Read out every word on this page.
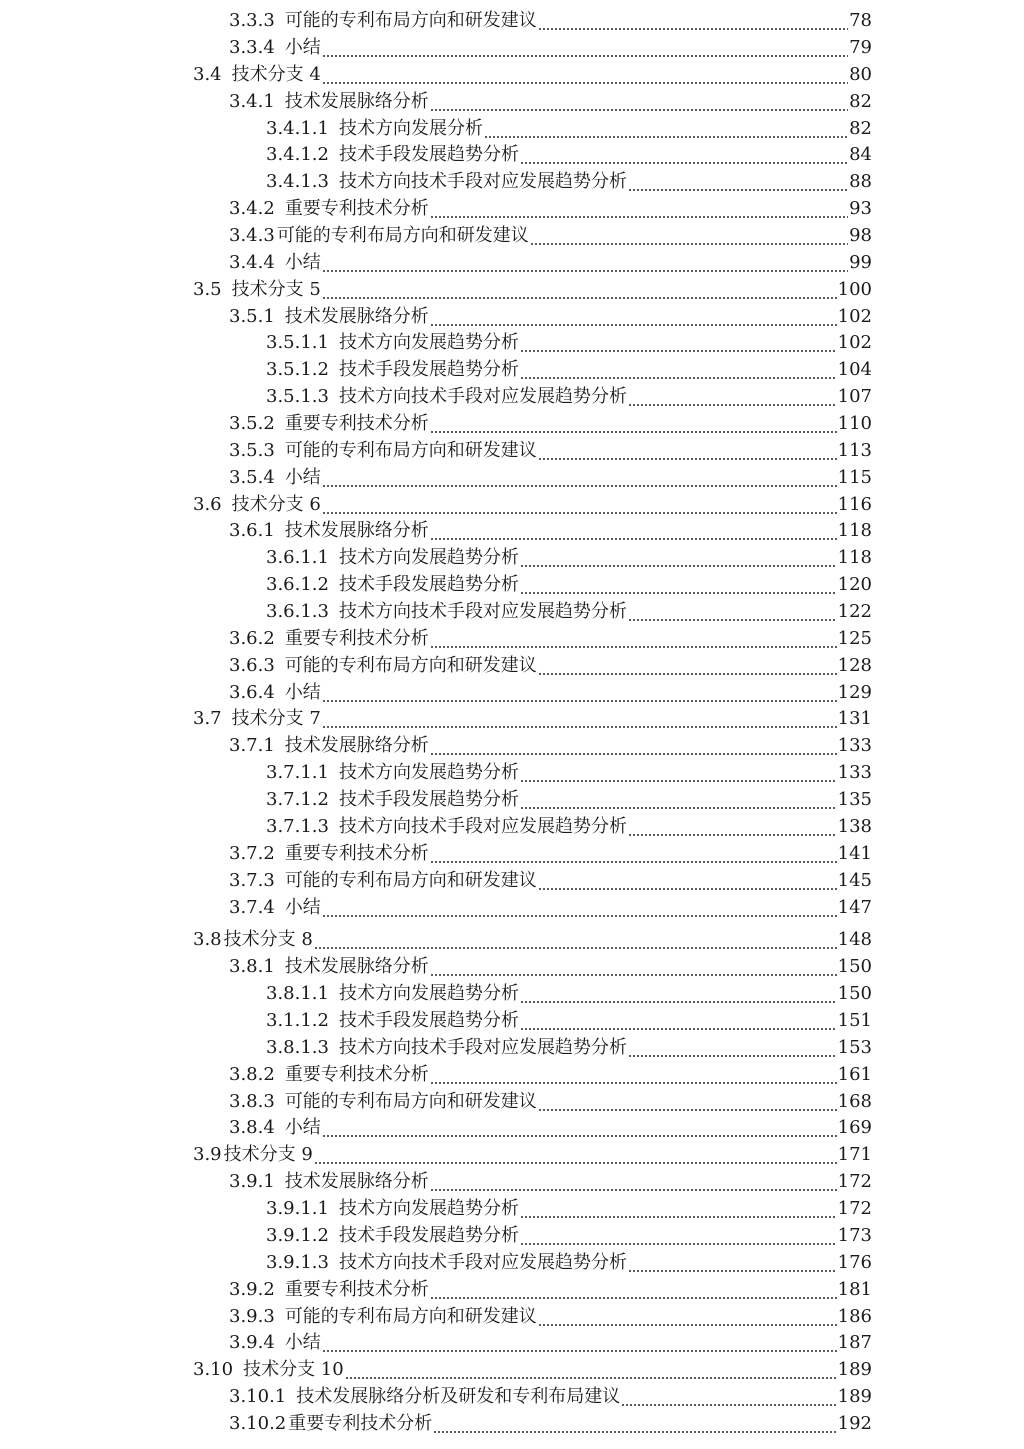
3.3.3 可能的专利布局方向和研发建议	78
3.3.4 小结	79
3.4 技术分支 4	80
3.4.1 技术发展脉络分析	82
3.4.1.1 技术方向发展分析	82
3.4.1.2 技术手段发展趋势分析	84
3.4.1.3 技术方向技术手段对应发展趋势分析	88
3.4.2 重要专利技术分析	93
3.4.3 可能的专利布局方向和研发建议	98
3.4.4 小结	99
3.5 技术分支 5	100
3.5.1 技术发展脉络分析	102
3.5.1.1 技术方向发展趋势分析	102
3.5.1.2 技术手段发展趋势分析	104
3.5.1.3 技术方向技术手段对应发展趋势分析	107
3.5.2 重要专利技术分析	110
3.5.3 可能的专利布局方向和研发建议	113
3.5.4 小结	115
3.6 技术分支 6	116
3.6.1 技术发展脉络分析	118
3.6.1.1 技术方向发展趋势分析	118
3.6.1.2 技术手段发展趋势分析	120
3.6.1.3 技术方向技术手段对应发展趋势分析	122
3.6.2 重要专利技术分析	125
3.6.3 可能的专利布局方向和研发建议	128
3.6.4 小结	129
3.7 技术分支 7	131
3.7.1 技术发展脉络分析	133
3.7.1.1 技术方向发展趋势分析	133
3.7.1.2 技术手段发展趋势分析	135
3.7.1.3 技术方向技术手段对应发展趋势分析	138
3.7.2 重要专利技术分析	141
3.7.3 可能的专利布局方向和研发建议	145
3.7.4 小结	147
3.8 技术分支 8	148
3.8.1 技术发展脉络分析	150
3.8.1.1 技术方向发展趋势分析	150
3.1.1.2 技术手段发展趋势分析	151
3.8.1.3 技术方向技术手段对应发展趋势分析	153
3.8.2 重要专利技术分析	161
3.8.3 可能的专利布局方向和研发建议	168
3.8.4 小结	169
3.9 技术分支 9	171
3.9.1 技术发展脉络分析	172
3.9.1.1 技术方向发展趋势分析	172
3.9.1.2 技术手段发展趋势分析	173
3.9.1.3 技术方向技术手段对应发展趋势分析	176
3.9.2 重要专利技术分析	181
3.9.3 可能的专利布局方向和研发建议	186
3.9.4 小结	187
3.10 技术分支 10	189
3.10.1 技术发展脉络分析及研发和专利布局建议	189
3.10.2 重要专利技术分析	192
